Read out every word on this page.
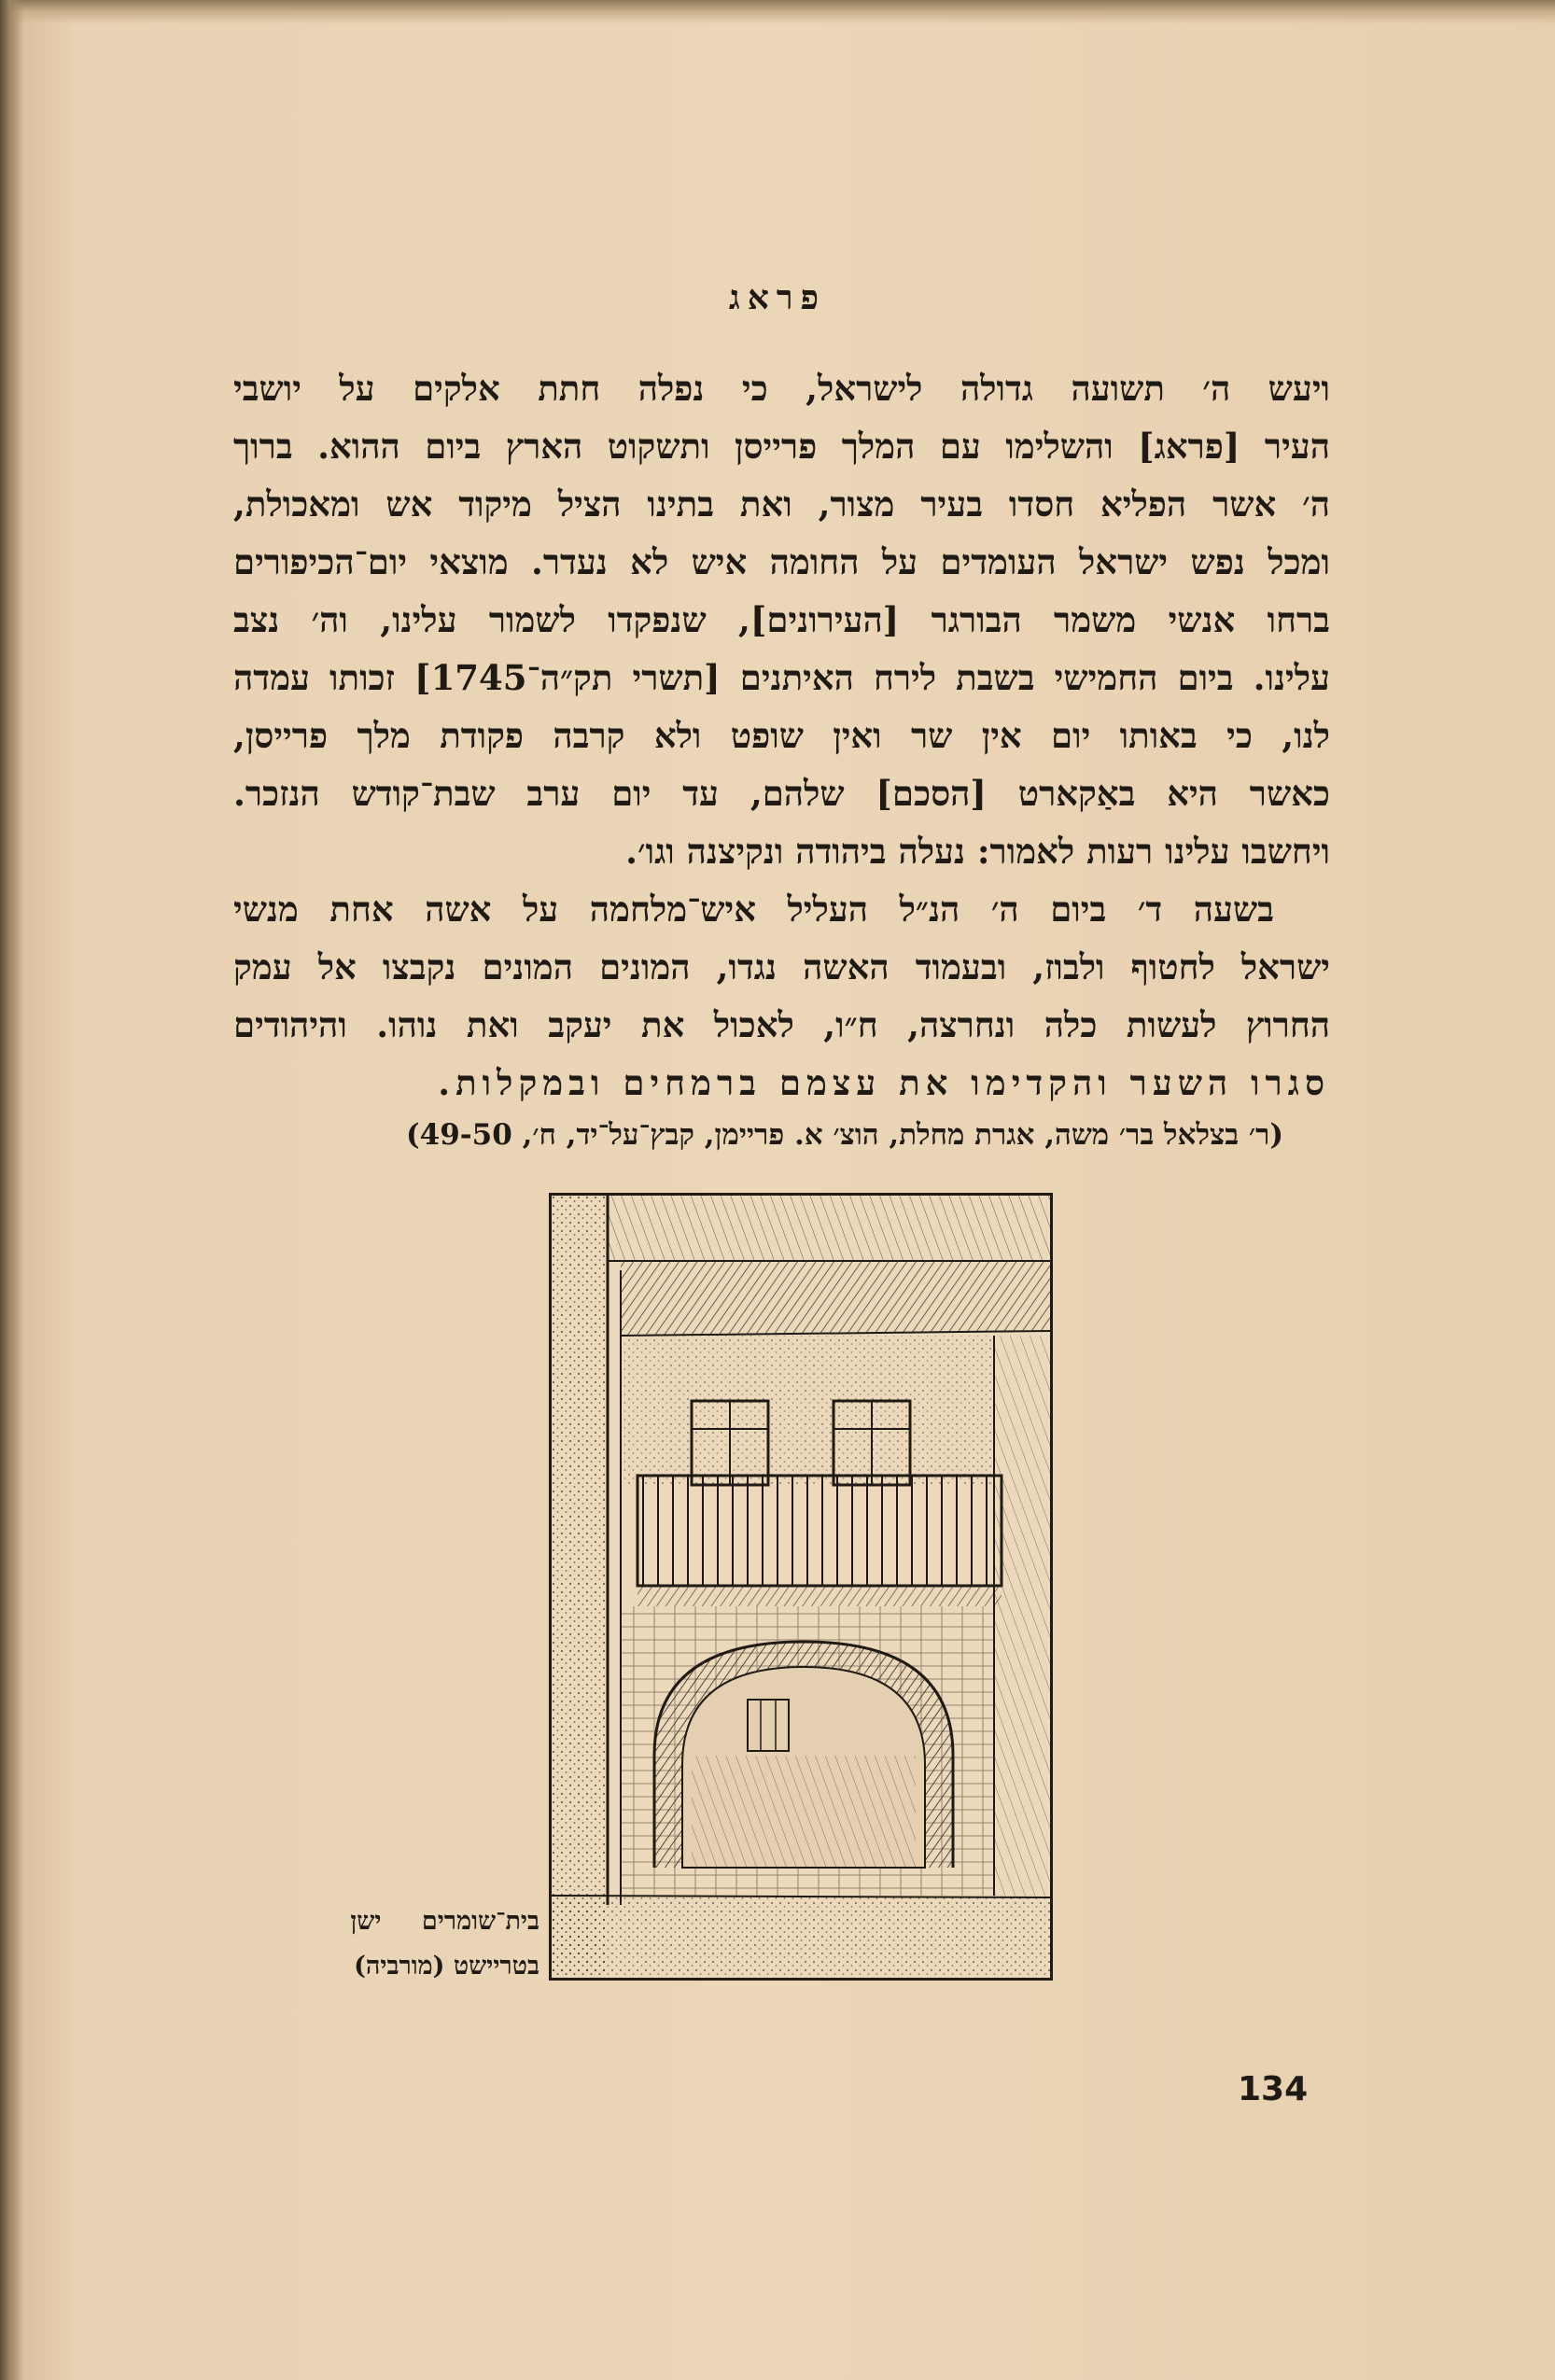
פראג
ויעש ה׳ תשועה גדולה לישראל, כי נפלה חתת אלקים על יושבי
העיר [פראג] והשלימו עם המלך פרייסן ותשקוט הארץ ביום ההוא. ברוך
ה׳ אשר הפליא חסדו בעיר מצור, ואת בתינו הציל מיקוד אש ומאכולת,
ומכל נפש ישראל העומדים על החומה איש לא נעדר. מוצאי יום־הכיפורים
ברחו אנשי משמר הבורגר [העירונים], שנפקדו לשמור עלינו, וה׳ נצב
עלינו. ביום החמישי בשבת לירח האיתנים [תשרי תק״ה־1745] זכותו עמדה
לנו, כי באותו יום אין שר ואין שופט ולא קרבה פקודת מלך פרייסן,
כאשר היא באַקארט [הסכם] שלהם, עד יום ערב שבת־קודש הנזכר.
ויחשבו עלינו רעות לאמור: נעלה ביהודה ונקיצנה וגו׳.
בשעה ד׳ ביום ה׳ הנ״ל העליל איש־מלחמה על אשה אחת מנשי
ישראל לחטוף ולבוז, ובעמוד האשה נגדו, המונים המונים נקבצו אל עמק
החרוץ לעשות כלה ונחרצה, ח״ו, לאכול את יעקב ואת נוהו. והיהודים
סגרו השער והקדימו את עצמם ברמחים ובמקלות.
(ר׳ בצלאל בר׳ משה, אגרת מחלת, הוצ׳ א. פריימן, קבץ־על־יד, ח׳, 49-50)
בית־שומרים ישן
בטריישט (מורביה)
134
